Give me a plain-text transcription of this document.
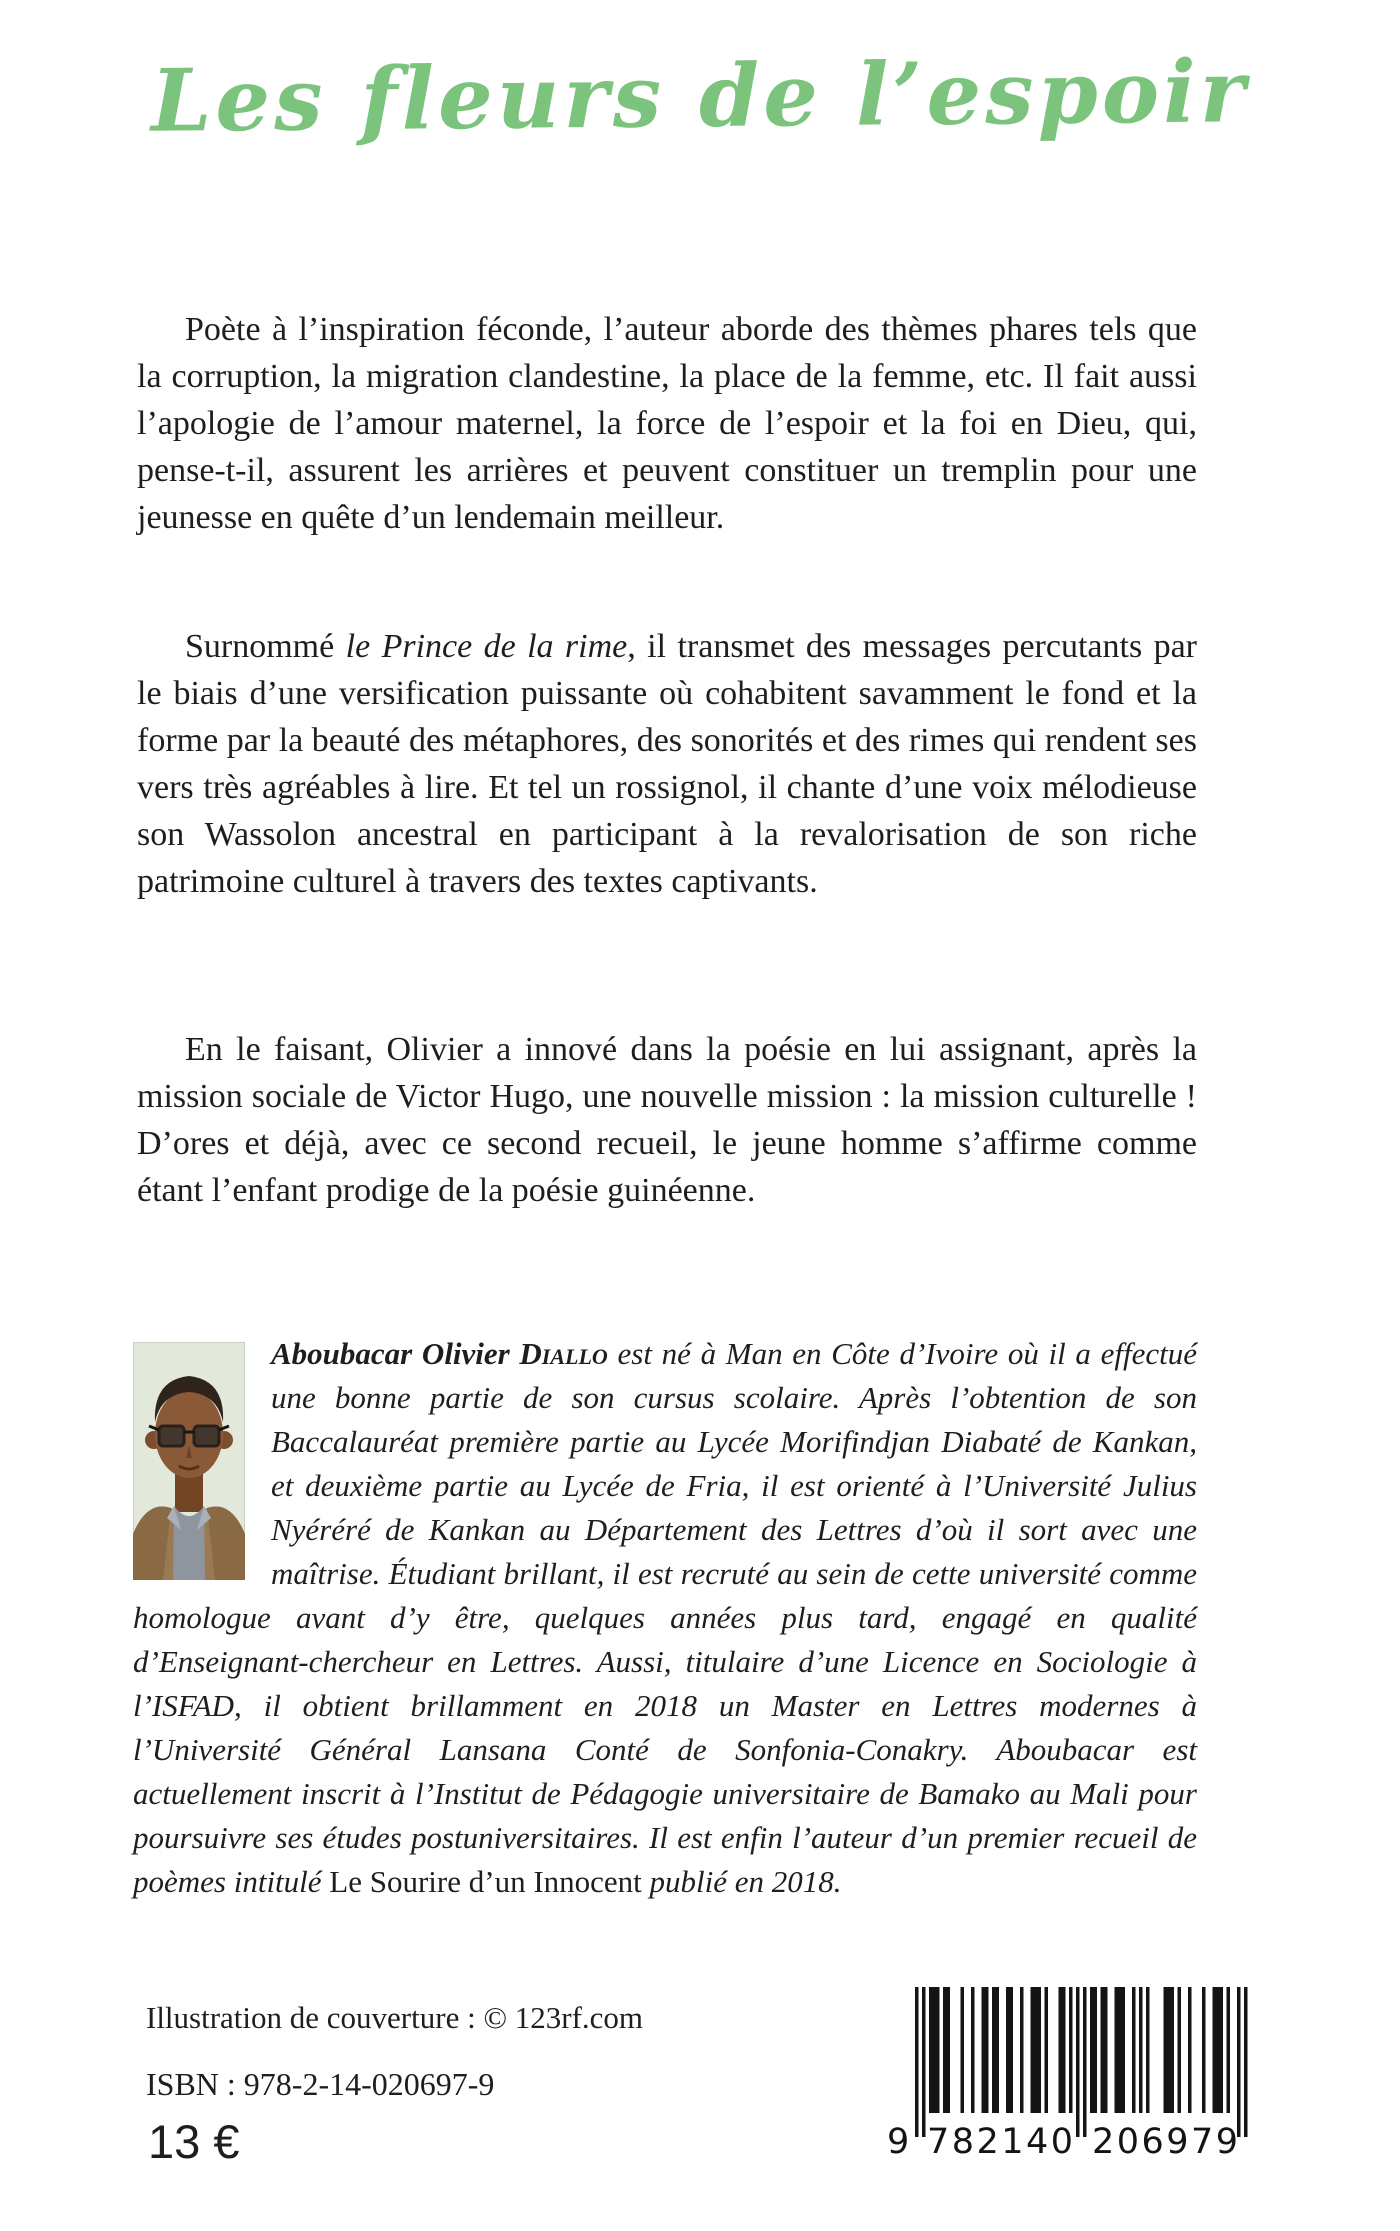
Les fleurs de l’espoir

Poète à l’inspiration féconde, l’auteur aborde des thèmes phares tels que la corruption, la migration clandestine, la place de la femme, etc. Il fait aussi l’apologie de l’amour maternel, la force de l’espoir et la foi en Dieu, qui, pense-t-il, assurent les arrières et peuvent constituer un tremplin pour une jeunesse en quête d’un lendemain meilleur.

Surnommé le Prince de la rime, il transmet des messages percutants par le biais d’une versification puissante où cohabitent savamment le fond et la forme par la beauté des métaphores, des sonorités et des rimes qui rendent ses vers très agréables à lire. Et tel un rossignol, il chante d’une voix mélodieuse son Wassolon ancestral en participant à la revalorisation de son riche patrimoine culturel à travers des textes captivants.

En le faisant, Olivier a innové dans la poésie en lui assignant, après la mission sociale de Victor Hugo, une nouvelle mission : la mission culturelle ! D’ores et déjà, avec ce second recueil, le jeune homme s’affirme comme étant l’enfant prodige de la poésie guinéenne.

Aboubacar Olivier Diallo est né à Man en Côte d’Ivoire où il a effectué une bonne partie de son cursus scolaire. Après l’obtention de son Baccalauréat première partie au Lycée Morifindjan Diabaté de Kankan, et deuxième partie au Lycée de Fria, il est orienté à l’Université Julius Nyéréré de Kankan au Département des Lettres d’où il sort avec une maîtrise. Étudiant brillant, il est recruté au sein de cette université comme homologue avant d’y être, quelques années plus tard, engagé en qualité d’Enseignant-chercheur en Lettres. Aussi, titulaire d’une Licence en Sociologie à l’ISFAD, il obtient brillamment en 2018 un Master en Lettres modernes à l’Université Général Lansana Conté de Sonfonia-Conakry. Aboubacar est actuellement inscrit à l’Institut de Pédagogie universitaire de Bamako au Mali pour poursuivre ses études postuniversitaires. Il est enfin l’auteur d’un premier recueil de poèmes intitulé Le Sourire d’un Innocent publié en 2018.
Illustration de couverture : © 123rf.com
ISBN : 978-2-14-020697-9
13 €	9 782140 206979
